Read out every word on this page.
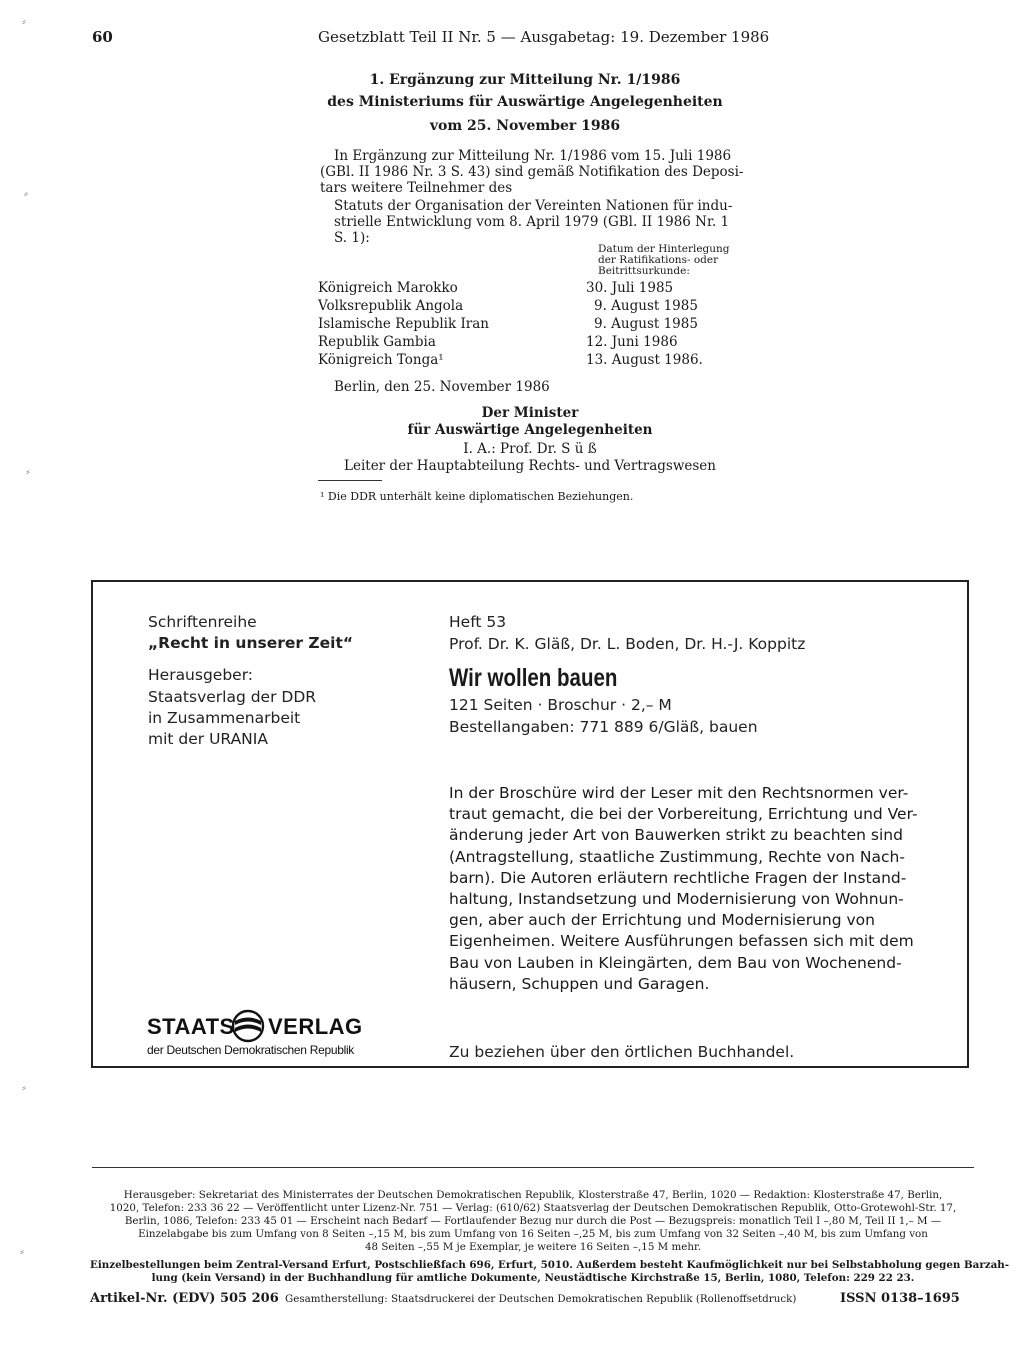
60	Gesetzblatt Teil II Nr. 5 — Ausgabetag: 19. Dezember 1986
1. Ergänzung zur Mitteilung Nr. 1/1986
des Ministeriums für Auswärtige Angelegenheiten
vom 25. November 1986
In Ergänzung zur Mitteilung Nr. 1/1986 vom 15. Juli 1986
(GBl. II 1986 Nr. 3 S. 43) sind gemäß Notifikation des Deposi-
tars weitere Teilnehmer des
Statuts der Organisation der Vereinten Nationen für indu-
strielle Entwicklung vom 8. April 1979 (GBl. II 1986 Nr. 1
S. 1):
Datum der Hinterlegung
der Ratifikations- oder
Beitrittsurkunde:
Königreich Marokko	30. Juli 1985
Volksrepublik Angola	9. August 1985
Islamische Republik Iran	9. August 1985
Republik Gambia	12. Juni 1986
Königreich Tonga¹	13. August 1986.
Berlin, den 25. November 1986
Der Minister
für Auswärtige Angelegenheiten
I. A.: Prof. Dr. S ü ß
Leiter der Hauptabteilung Rechts- und Vertragswesen
¹ Die DDR unterhält keine diplomatischen Beziehungen.
Schriftenreihe
„Recht in unserer Zeit“
Herausgeber:
Staatsverlag der DDR
in Zusammenarbeit
mit der URANIA
Heft 53
Prof. Dr. K. Gläß, Dr. L. Boden, Dr. H.-J. Koppitz
Wir wollen bauen
121 Seiten · Broschur · 2,– M
Bestellangaben: 771 889 6/Gläß, bauen
In der Broschüre wird der Leser mit den Rechtsnormen ver-
traut gemacht, die bei der Vorbereitung, Errichtung und Ver-
änderung jeder Art von Bauwerken strikt zu beachten sind
(Antragstellung, staatliche Zustimmung, Rechte von Nach-
barn). Die Autoren erläutern rechtliche Fragen der Instand-
haltung, Instandsetzung und Modernisierung von Wohnun-
gen, aber auch der Errichtung und Modernisierung von
Eigenheimen. Weitere Ausführungen befassen sich mit dem
Bau von Lauben in Kleingärten, dem Bau von Wochenend-
häusern, Schuppen und Garagen.
Zu beziehen über den örtlichen Buchhandel.
STAATS VERLAG
der Deutschen Demokratischen Republik
Herausgeber: Sekretariat des Ministerrates der Deutschen Demokratischen Republik, Klosterstraße 47, Berlin, 1020 — Redaktion: Klosterstraße 47, Berlin,
1020, Telefon: 233 36 22 — Veröffentlicht unter Lizenz-Nr. 751 — Verlag: (610/62) Staatsverlag der Deutschen Demokratischen Republik, Otto-Grotewohl-Str. 17,
Berlin, 1086, Telefon: 233 45 01 — Erscheint nach Bedarf — Fortlaufender Bezug nur durch die Post — Bezugspreis: monatlich Teil I –,80 M, Teil II 1,– M —
Einzelabgabe bis zum Umfang von 8 Seiten –,15 M, bis zum Umfang von 16 Seiten –,25 M, bis zum Umfang von 32 Seiten –,40 M, bis zum Umfang von
48 Seiten –,55 M je Exemplar, je weitere 16 Seiten –,15 M mehr.
Einzelbestellungen beim Zentral-Versand Erfurt, Postschließfach 696, Erfurt, 5010. Außerdem besteht Kaufmöglichkeit nur bei Selbstabholung gegen Barzah-
lung (kein Versand) in der Buchhandlung für amtliche Dokumente, Neustädtische Kirchstraße 15, Berlin, 1080, Telefon: 229 22 23.
Artikel-Nr. (EDV) 505 206 Gesamtherstellung: Staatsdruckerei der Deutschen Demokratischen Republik (Rollenoffsetdruck)	ISSN 0138–1695
⸗
⸗
⸗
⸗
⸗
